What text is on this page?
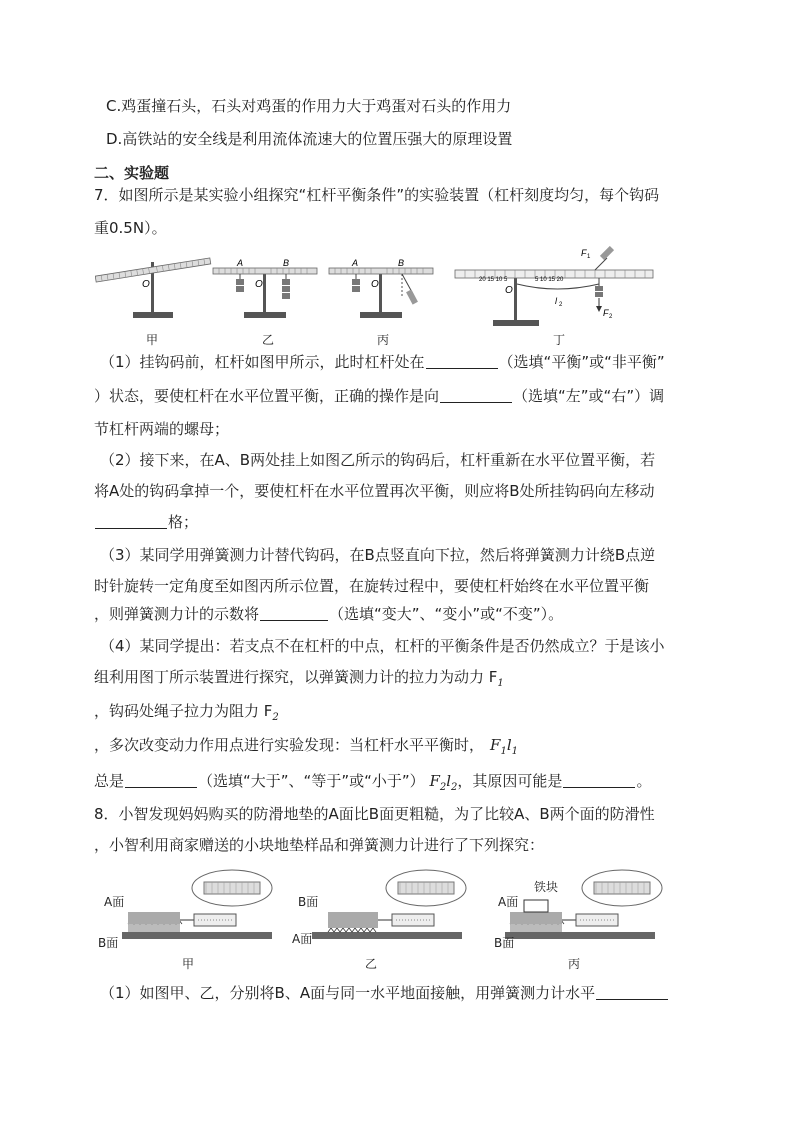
C.鸡蛋撞石头，石头对鸡蛋的作用力大于鸡蛋对石头的作用力
D.高铁站的安全线是利用流体流速大的位置压强大的原理设置
二、实验题
7．如图所示是某实验小组探究“杠杆平衡条件”的实验装置（杠杆刻度均匀，每个钩码
重0.5N）。
O
A	B
O
A	B
O	20 15 10 5	5 10 15 20
O
l 2
F 2
F 1
甲	乙	丙	丁
（1）挂钩码前，杠杆如图甲所示，此时杠杆处在	（选填“平衡”或“非平衡”
）状态，要使杠杆在水平位置平衡，正确的操作是向	（选填“左”或“右”）调
节杠杆两端的螺母；
（2）接下来，在A、B两处挂上如图乙所示的钩码后，杠杆重新在水平位置平衡，若
将A处的钩码拿掉一个，要使杠杆在水平位置再次平衡，则应将B处所挂钩码向左移动
格；
（3）某同学用弹簧测力计替代钩码，在B点竖直向下拉，然后将弹簧测力计绕B点逆
时针旋转一定角度至如图丙所示位置，在旋转过程中，要使杠杆始终在水平位置平衡
，则弹簧测力计的示数将	（选填“变大”、“变小”或“不变”）。
（4）某同学提出：若支点不在杠杆的中点，杠杆的平衡条件是否仍然成立？于是该小
组利用图丁所示装置进行探究，以弹簧测力计的拉力为动力 $F_1$
，钩码处绳子拉力为阻力 $F_2$
，多次改变动力作用点进行实验发现：当杠杆水平平衡时， $F_1l_1$
总是	（选填“大于”、“等于”或“小于”） $F_2l_2$，其原因可能是	。
8．小智发现妈妈购买的防滑地垫的A面比B面更粗糙，为了比较A、B两个面的防滑性
，小智利用商家赠送的小块地垫样品和弹簧测力计进行了下列探究：
A面
B面
B面
A面
铁块
A面
B面
甲	乙	丙
（1）如图甲、乙，分别将B、A面与同一水平地面接触，用弹簧测力计水平
